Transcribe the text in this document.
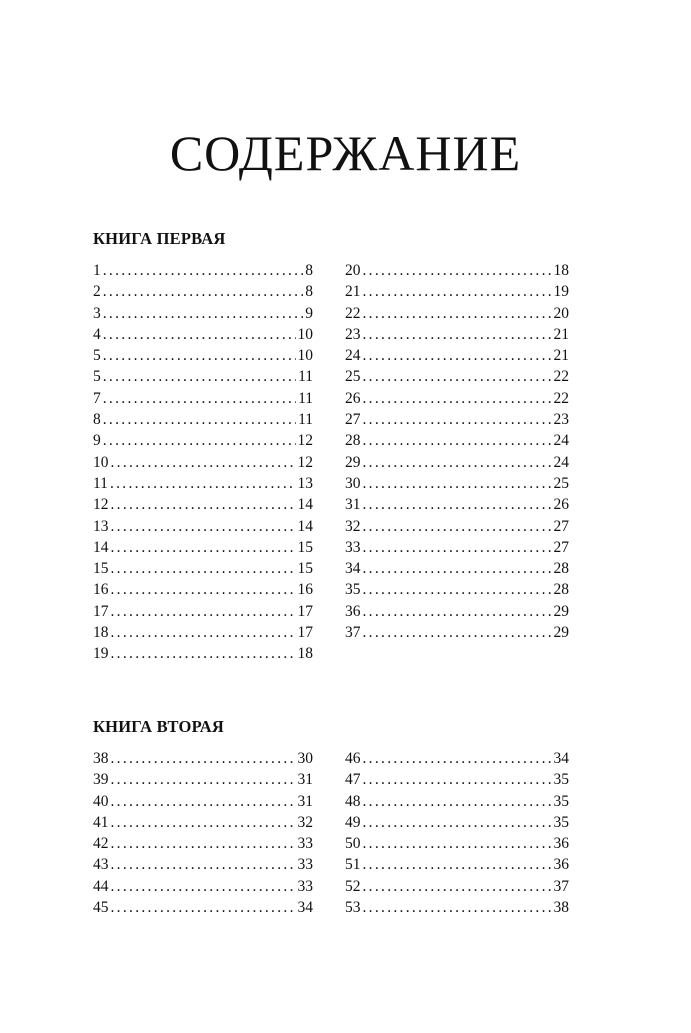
СОДЕРЖАНИЕ
КНИГА ПЕРВАЯ
1 .....	8
2 .....	8
3 .....	9
4 .....	10
5 .....	10
5 .....	11
7 .....	11
8 .....	11
9 .....	12
10 .....	12
11 .....	13
12 .....	14
13 .....	14
14 .....	15
15 .....	15
16 .....	16
17 .....	17
18 .....	17
19 .....	18
20 .....	18
21 .....	19
22 .....	20
23 .....	21
24 .....	21
25 .....	22
26 .....	22
27 .....	23
28 .....	24
29 .....	24
30 .....	25
31 .....	26
32 .....	27
33 .....	27
34 .....	28
35 .....	28
36 .....	29
37 .....	29
КНИГА ВТОРАЯ
38 .....	30
39 .....	31
40 .....	31
41 .....	32
42 .....	33
43 .....	33
44 .....	33
45 .....	34
46 .....	34
47 .....	35
48 .....	35
49 .....	35
50 .....	36
51 .....	36
52 .....	37
53 .....	38
